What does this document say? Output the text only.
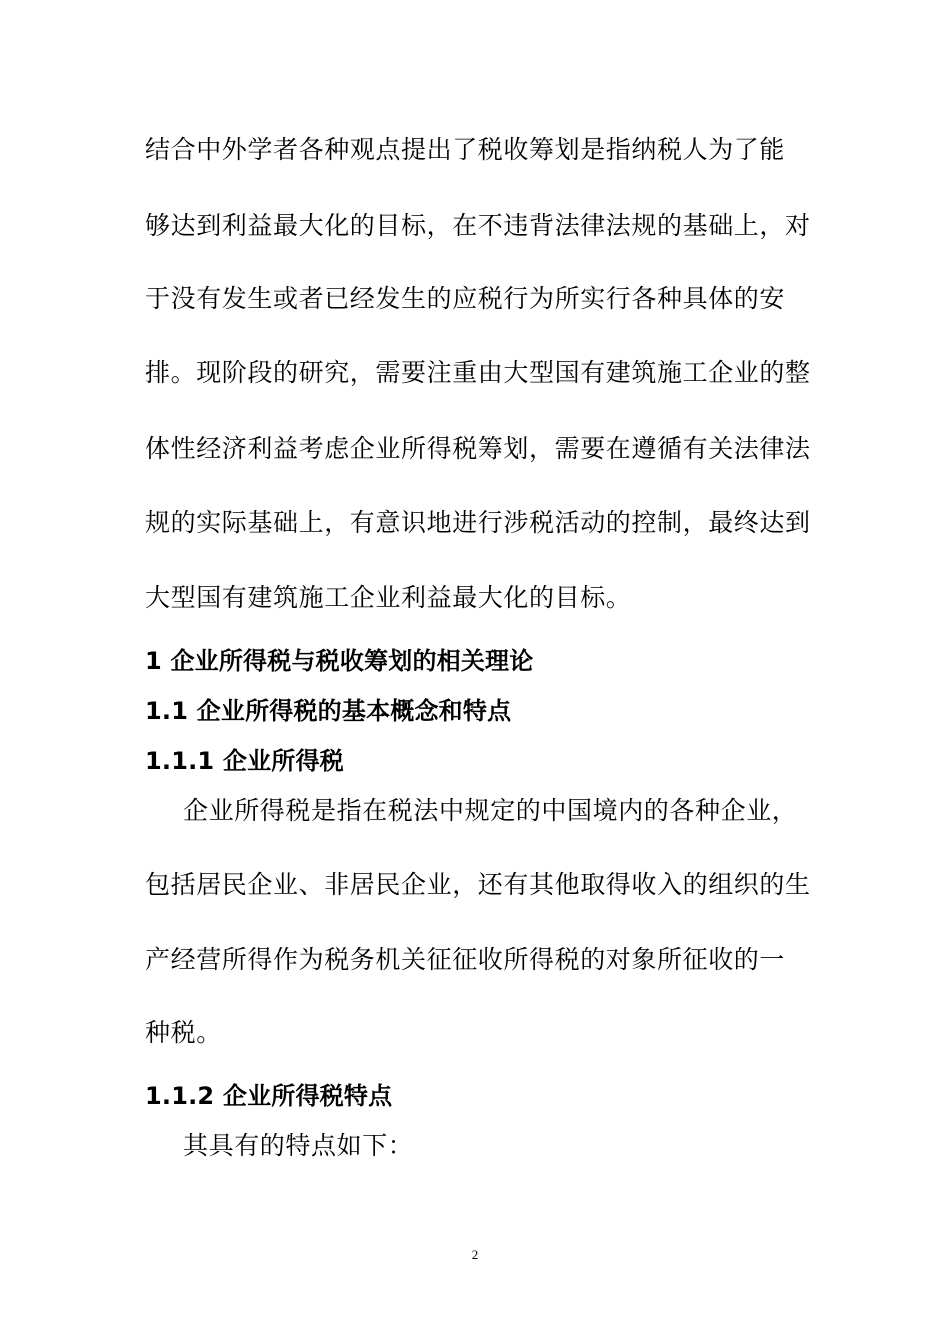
结合中外学者各种观点提出了税收筹划是指纳税人为了能
够达到利益最大化的目标，在不违背法律法规的基础上，对
于没有发生或者已经发生的应税行为所实行各种具体的安
排。现阶段的研究，需要注重由大型国有建筑施工企业的整
体性经济利益考虑企业所得税筹划，需要在遵循有关法律法
规的实际基础上，有意识地进行涉税活动的控制，最终达到
大型国有建筑施工企业利益最大化的目标。
1 企业所得税与税收筹划的相关理论
1.1 企业所得税的基本概念和特点
1.1.1 企业所得税
企业所得税是指在税法中规定的中国境内的各种企业，
包括居民企业、非居民企业，还有其他取得收入的组织的生
产经营所得作为税务机关征征收所得税的对象所征收的一
种税。
1.1.2 企业所得税特点
其具有的特点如下：
2
